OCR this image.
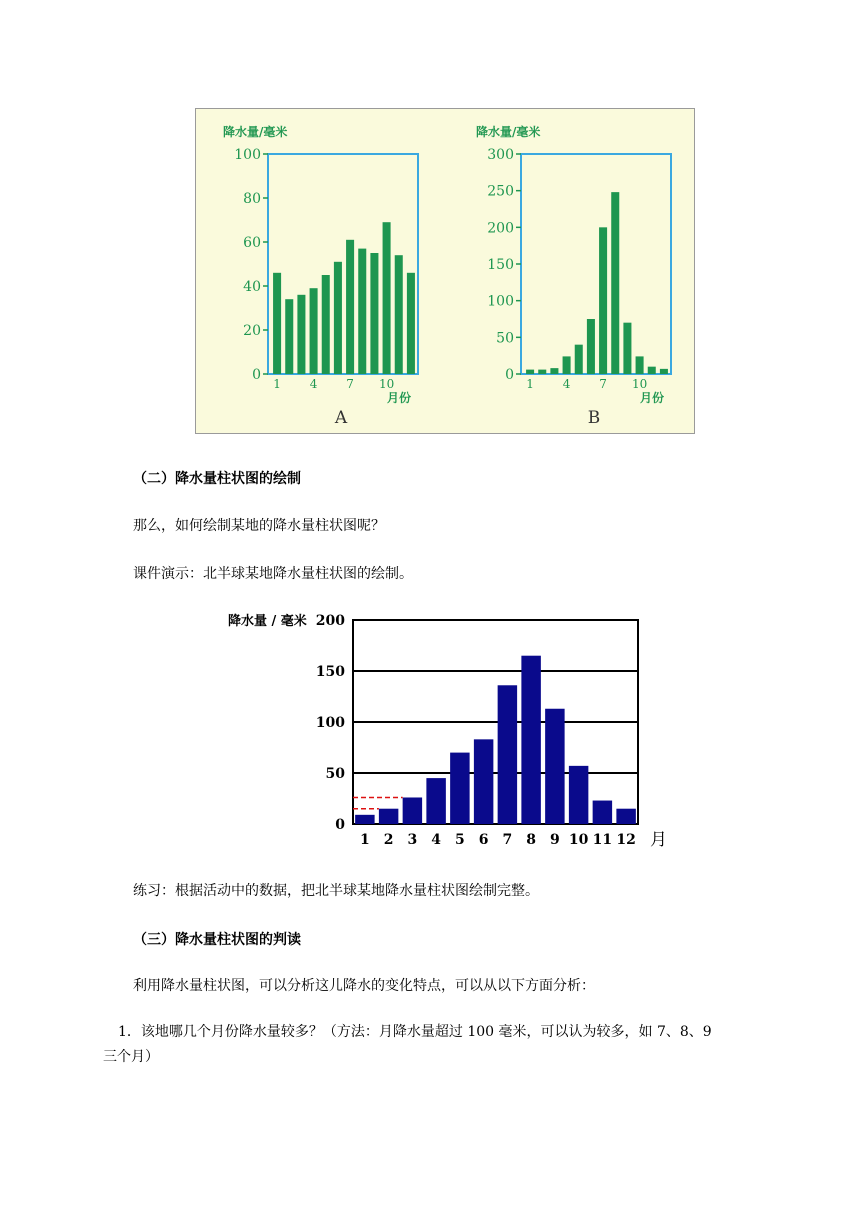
降水量/毫米
0
20
40
60
80
100
1 4 7 10
月份
A
降水量/毫米
0
50
100
150
200
250
300
1 4 7 10
月份
B
（二）降水量柱状图的绘制
那么，如何绘制某地的降水量柱状图呢？
课件演示：北半球某地降水量柱状图的绘制。
降水量 / 毫米
0
50
100
150
200
1 2 3 4 5 6 7 8 9 10 11 12 月
练习：根据活动中的数据，把北半球某地降水量柱状图绘制完整。
（三）降水量柱状图的判读
利用降水量柱状图，可以分析这儿降水的变化特点，可以从以下方面分析：
1．该地哪几个月份降水量较多？（方法：月降水量超过 100 毫米，可以认为较多，如 7、8、9
三个月）
